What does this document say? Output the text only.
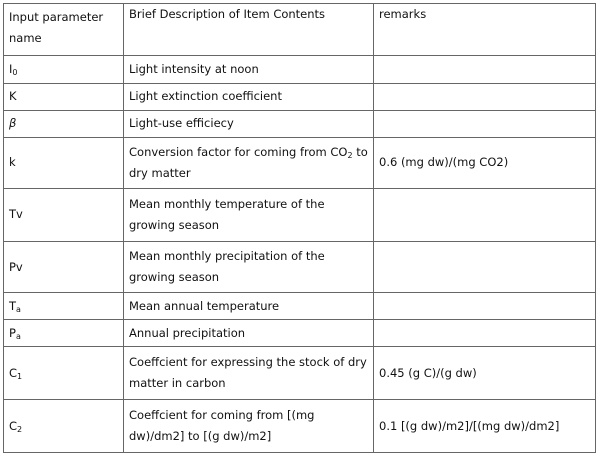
Input parameter name	Brief Description of Item Contents	remarks
$I_0$	Light intensity at noon	
K	Light extinction coefficient	
β	Light-use efficiecy	
k	Conversion factor for coming from $CO_2$ to dry matter	0.6 (mg dw)/(mg CO2)
Tv	Mean monthly temperature of the growing season	
Pv	Mean monthly precipitation of the growing season	
$T_a$	Mean annual temperature	
$P_a$	Annual precipitation	
$C_1$	Coeffcient for expressing the stock of dry matter in carbon	0.45 (g C)/(g dw)
$C_2$	Coeffcient for coming from [(mg dw)/dm2] to [(g dw)/m2]	0.1 [(g dw)/m2]/[(mg dw)/dm2]
